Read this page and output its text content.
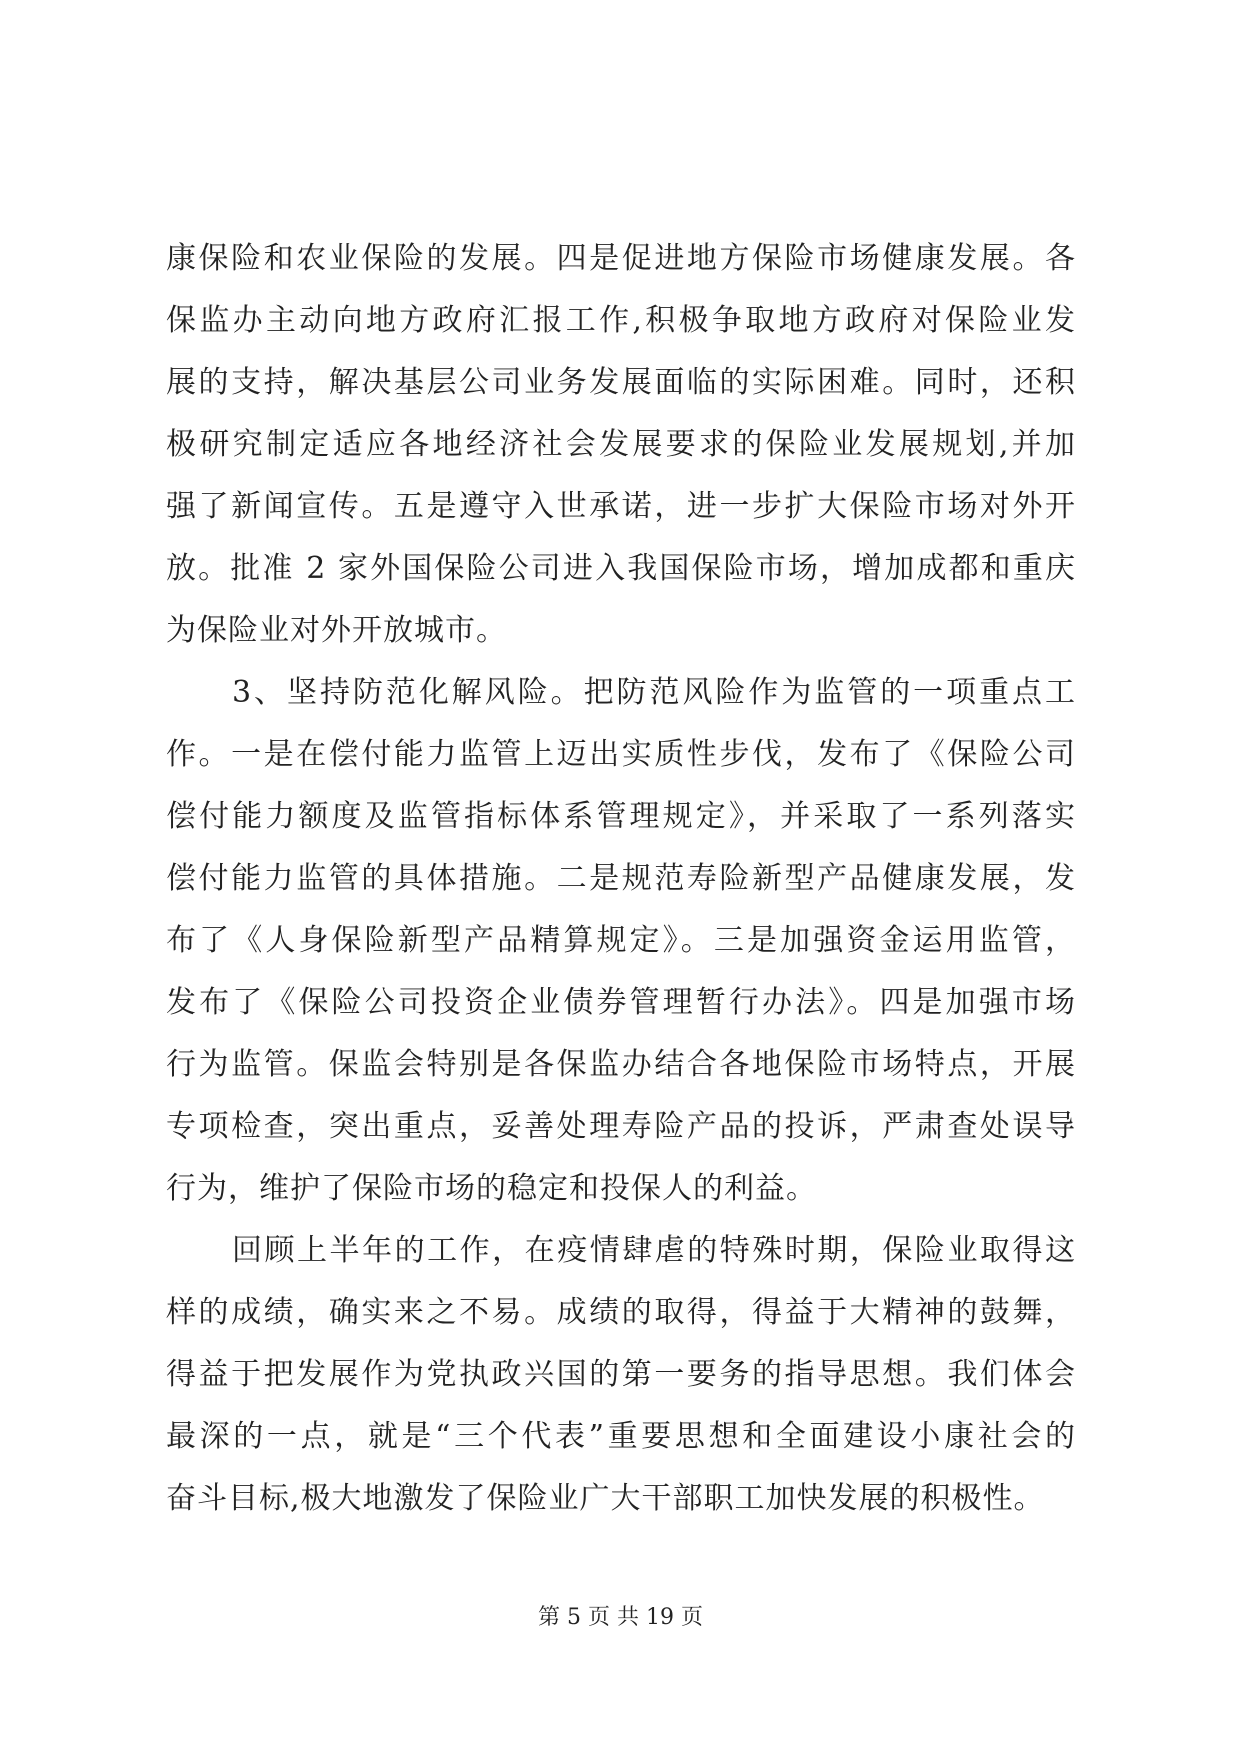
康保险和农业保险的发展。四是促进地方保险市场健康发展。各
保监办主动向地方政府汇报工作,积极争取地方政府对保险业发
展的支持，解决基层公司业务发展面临的实际困难。同时，还积
极研究制定适应各地经济社会发展要求的保险业发展规划,并加
强了新闻宣传。五是遵守入世承诺，进一步扩大保险市场对外开
放。批准 2 家外国保险公司进入我国保险市场，增加成都和重庆
为保险业对外开放城市。
3、坚持防范化解风险。把防范风险作为监管的一项重点工
作。一是在偿付能力监管上迈出实质性步伐，发布了《保险公司
偿付能力额度及监管指标体系管理规定》，并采取了一系列落实
偿付能力监管的具体措施。二是规范寿险新型产品健康发展，发
布了《人身保险新型产品精算规定》。三是加强资金运用监管，
发布了《保险公司投资企业债券管理暂行办法》。四是加强市场
行为监管。保监会特别是各保监办结合各地保险市场特点，开展
专项检查，突出重点，妥善处理寿险产品的投诉，严肃查处误导
行为，维护了保险市场的稳定和投保人的利益。
回顾上半年的工作，在疫情肆虐的特殊时期，保险业取得这
样的成绩，确实来之不易。成绩的取得，得益于大精神的鼓舞，
得益于把发展作为党执政兴国的第一要务的指导思想。我们体会
最深的一点，就是“三个代表”重要思想和全面建设小康社会的
奋斗目标,极大地激发了保险业广大干部职工加快发展的积极性。
第 5 页 共 19 页
